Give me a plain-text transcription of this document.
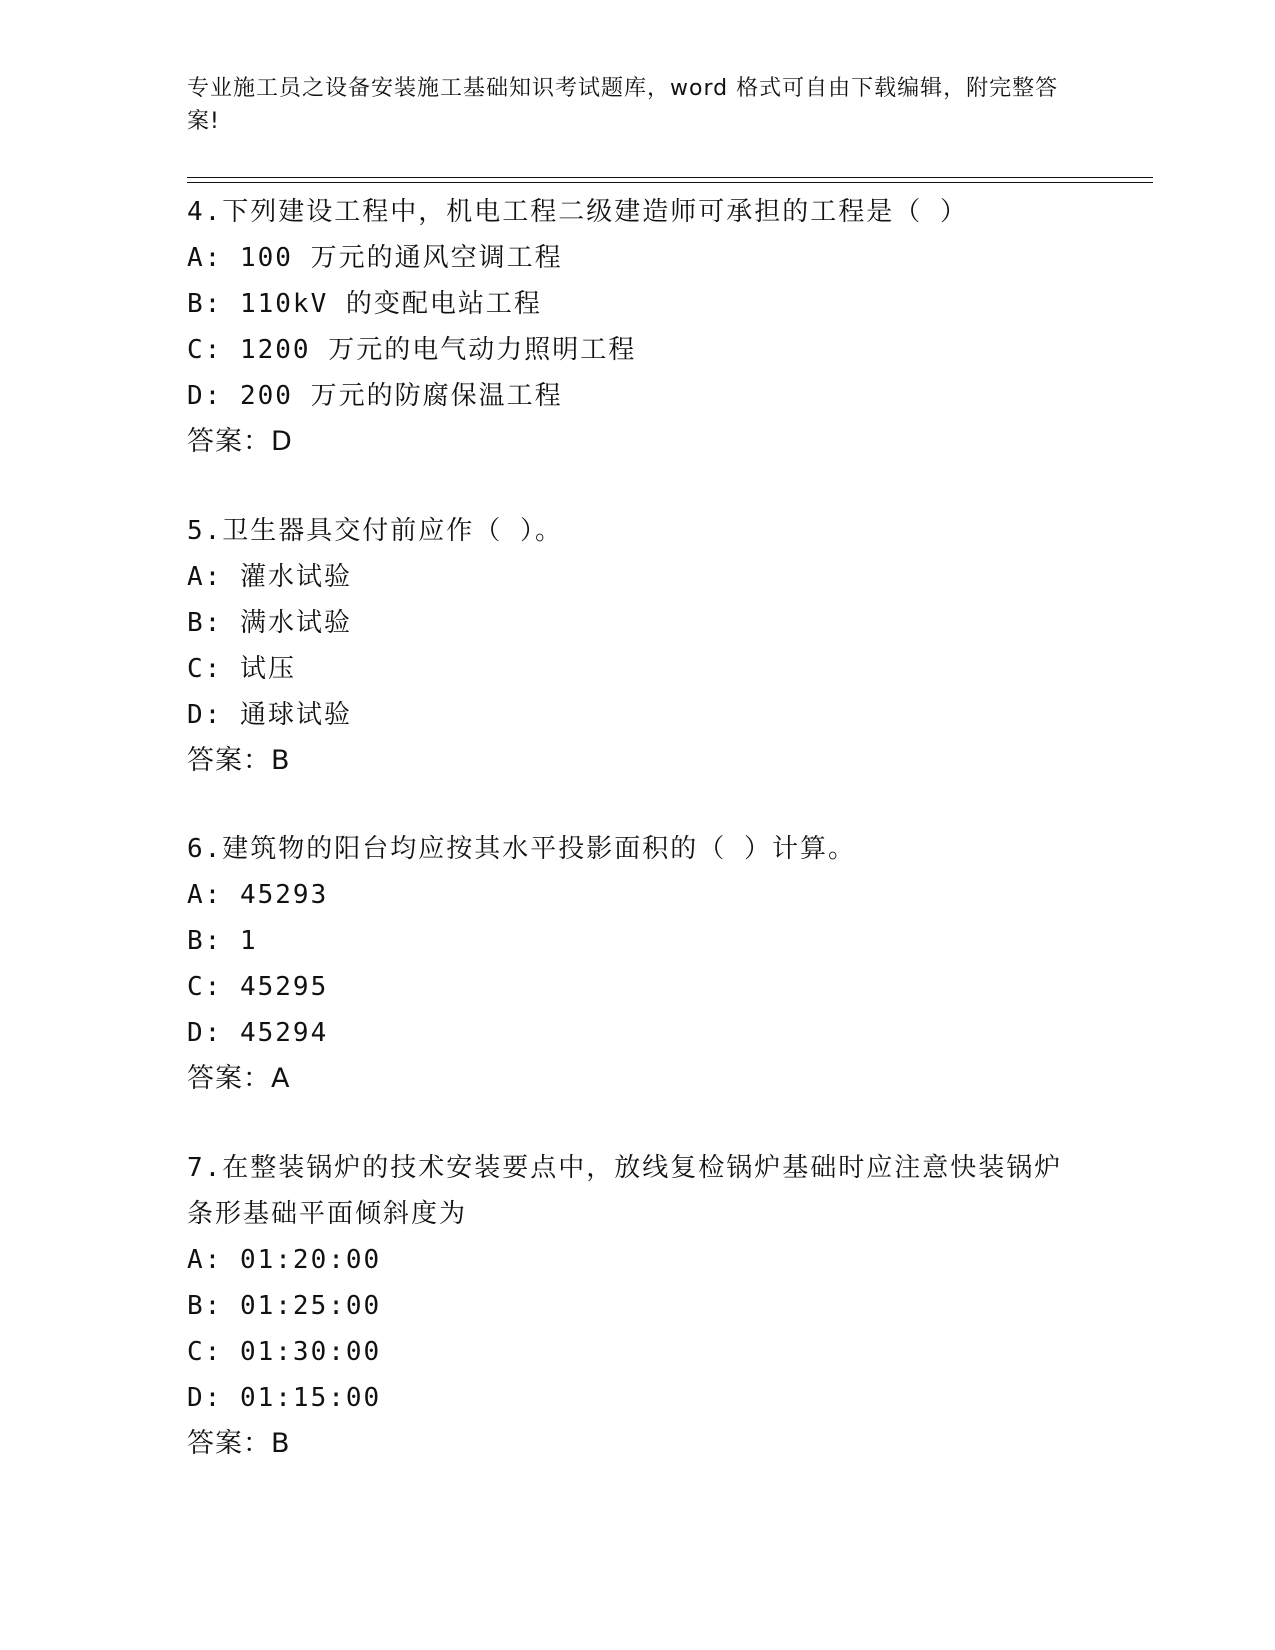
专业施工员之设备安装施工基础知识考试题库，word 格式可自由下载编辑，附完整答案!
4.下列建设工程中，机电工程二级建造师可承担的工程是（ ）
A: 100 万元的通风空调工程
B: 110kV 的变配电站工程
C: 1200 万元的电气动力照明工程
D: 200 万元的防腐保温工程
答案：D
5.卫生器具交付前应作（ ）。
A: 灌水试验
B: 满水试验
C: 试压
D: 通球试验
答案：B
6.建筑物的阳台均应按其水平投影面积的（ ）计算。
A: 45293
B: 1
C: 45295
D: 45294
答案：A
7.在整装锅炉的技术安装要点中，放线复检锅炉基础时应注意快装锅炉条形基础平面倾斜度为
A: 01:20:00
B: 01:25:00
C: 01:30:00
D: 01:15:00
答案：B
